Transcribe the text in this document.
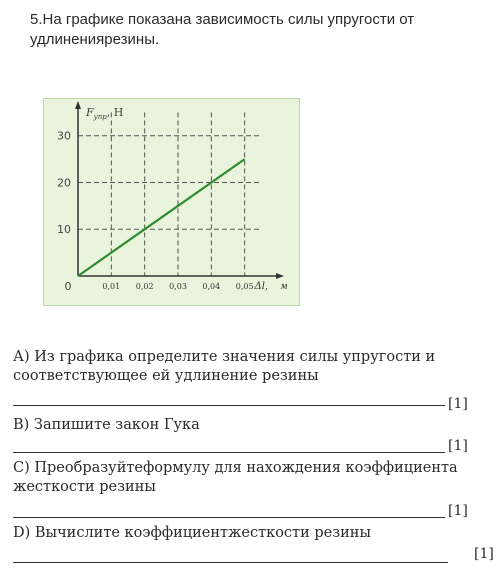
5.На графике показана зависимость силы упругости от
удлинениярезины.
0,01 0,02 0,03 0,04 0,05
10
20
30
0
$F_{упр}$, Н
Δl, м
А) Из графика определите значения силы упругости и
соответствующее ей удлинение резины
[1]
В) Запишите закон Гука
[1]
С) Преобразуйтеформулу для нахождения коэффициента
жесткости резины
[1]
D) Вычислите коэффициентжесткости резины
[1]
